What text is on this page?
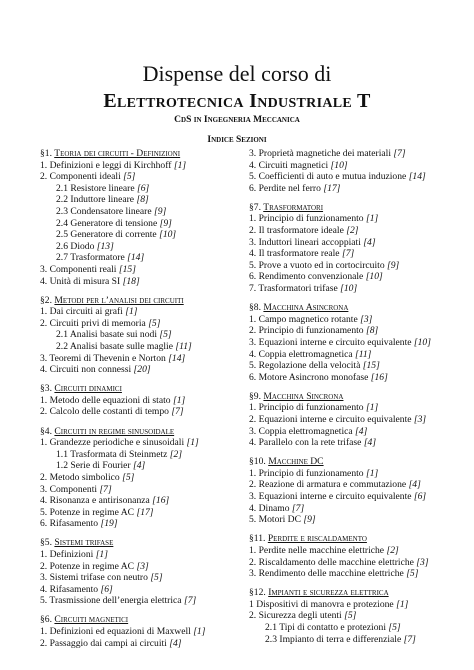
Dispense del corso di
Elettrotecnica Industriale T
CdS in Ingegneria Meccanica
Indice Sezioni
§1. Teoria dei circuiti - Definizioni
1. Definizioni e leggi di Kirchhoff [1]
2. Componenti ideali [5]
2.1 Resistore lineare [6]
2.2 Induttore lineare [8]
2.3 Condensatore lineare [9]
2.4 Generatore di tensione [9]
2.5 Generatore di corrente [10]
2.6 Diodo [13]
2.7 Trasformatore [14]
3. Componenti reali [15]
4. Unità di misura SI [18]
§2. Metodi per l’analisi dei circuiti
1. Dai circuiti ai grafi [1]
2. Circuiti privi di memoria [5]
2.1 Analisi basate sui nodi [5]
2.2 Analisi basate sulle maglie [11]
3. Teoremi di Thevenin e Norton [14]
4. Circuiti non connessi [20]
§3. Circuiti dinamici
1. Metodo delle equazioni di stato [1]
2. Calcolo delle costanti di tempo [7]
§4. Circuiti in regime sinusoidale
1. Grandezze periodiche e sinusoidali [1]
1.1 Trasformata di Steinmetz [2]
1.2 Serie di Fourier [4]
2. Metodo simbolico [5]
3. Componenti [7]
4. Risonanza e antirisonanza [16]
5. Potenze in regime AC [17]
6. Rifasamento [19]
§5. Sistemi trifase
1. Definizioni [1]
2. Potenze in regime AC [3]
3. Sistemi trifase con neutro [5]
4. Rifasamento [6]
5. Trasmissione dell’energia elettrica [7]
§6. Circuiti magnetici
1. Definizioni ed equazioni di Maxwell [1]
2. Passaggio dai campi ai circuiti [4]
3. Proprietà magnetiche dei materiali [7]
4. Circuiti magnetici [10]
5. Coefficienti di auto e mutua induzione [14]
6. Perdite nel ferro [17]
§7. Trasformatori
1. Principio di funzionamento [1]
2. Il trasformatore ideale [2]
3. Induttori lineari accoppiati [4]
4. Il trasformatore reale [7]
5. Prove a vuoto ed in cortocircuito [9]
6. Rendimento convenzionale [10]
7. Trasformatori trifase [10]
§8. Macchina Asincrona
1. Campo magnetico rotante [3]
2. Principio di funzionamento [8]
3. Equazioni interne e circuito equivalente [10]
4. Coppia elettromagnetica [11]
5. Regolazione della velocità [15]
6. Motore Asincrono monofase [16]
§9. Macchina Sincrona
1. Principio di funzionamento [1]
2. Equazioni interne e circuito equivalente [3]
3. Coppia elettromagnetica [4]
4. Parallelo con la rete trifase [4]
§10. Macchine DC
1. Principio di funzionamento [1]
2. Reazione di armatura e commutazione [4]
3. Equazioni interne e circuito equivalente [6]
4. Dinamo [7]
5. Motori DC [9]
§11. Perdite e riscaldamento
1. Perdite nelle macchine elettriche [2]
2. Riscaldamento delle macchine elettriche [3]
3. Rendimento delle macchine elettriche [5]
§12. Impianti e sicurezza elettrica
1 Dispositivi di manovra e protezione [1]
2. Sicurezza degli utenti [5]
2.1 Tipi di contatto e protezioni [5]
2.3 Impianto di terra e differenziale [7]
